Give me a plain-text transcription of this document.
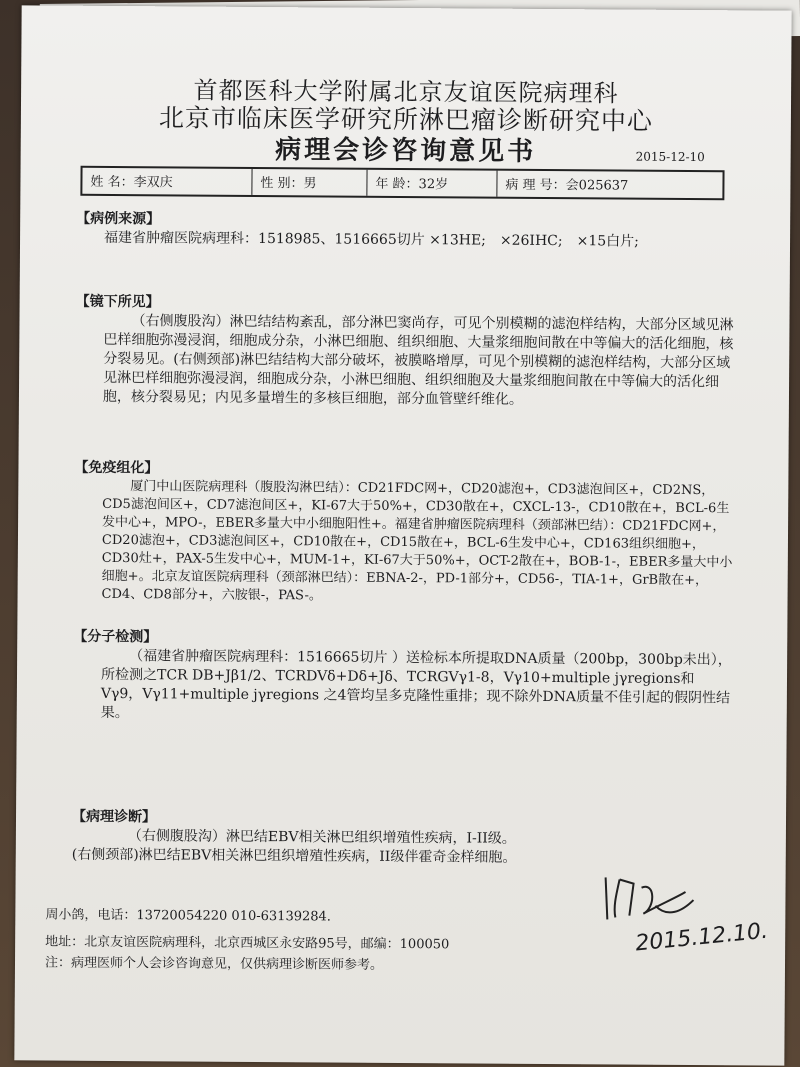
首都医科大学附属北京友谊医院病理科
北京市临床医学研究所淋巴瘤诊断研究中心
病理会诊咨询意见书	2015-12-10
姓 名：李双庆	性 别：男	年 龄：32岁	病 理 号：会025637
【病例来源】
福建省肿瘤医院病理科：1518985、1516665切片 ×13HE;　×26IHC;　×15白片;
【镜下所见】
（右侧腹股沟）淋巴结结构紊乱，部分淋巴窦尚存，可见个别模糊的滤泡样结构，大部分区域见淋巴样细胞弥漫浸润，细胞成分杂，小淋巴细胞、组织细胞、大量浆细胞间散在中等偏大的活化细胞，核分裂易见。(右侧颈部)淋巴结结构大部分破坏，被膜略增厚，可见个别模糊的滤泡样结构，大部分区域见淋巴样细胞弥漫浸润，细胞成分杂，小淋巴细胞、组织细胞及大量浆细胞间散在中等偏大的活化细胞，核分裂易见；内见多量增生的多核巨细胞，部分血管壁纤维化。
【免疫组化】
厦门中山医院病理科（腹股沟淋巴结）：CD21FDC网+，CD20滤泡+，CD3滤泡间区+，CD2NS，CD5滤泡间区+，CD7滤泡间区+，KI-67大于50%+，CD30散在+，CXCL-13-，CD10散在+，BCL-6生发中心+，MPO-，EBER多量大中小细胞阳性+。福建省肿瘤医院病理科（颈部淋巴结）：CD21FDC网+，CD20滤泡+，CD3滤泡间区+，CD10散在+，CD15散在+，BCL-6生发中心+，CD163组织细胞+，CD30灶+，PAX-5生发中心+，MUM-1+，KI-67大于50%+，OCT-2散在+，BOB-1-，EBER多量大中小细胞+。北京友谊医院病理科（颈部淋巴结）：EBNA-2-，PD-1部分+，CD56-，TIA-1+，GrB散在+，CD4、CD8部分+，六胺银-，PAS-。
【分子检测】
（福建省肿瘤医院病理科：1516665切片 ）送检标本所提取DNA质量（200bp，300bp未出），所检测之TCR DB+Jβ1/2、TCRDVδ+Dδ+Jδ、TCRGVγ1-8，Vγ10+multiple jγregions和Vγ9，Vγ11+multiple jγregions 之4管均呈多克隆性重排；现不除外DNA质量不佳引起的假阴性结果。
【病理诊断】
（右侧腹股沟）淋巴结EBV相关淋巴组织增殖性疾病，I-II级。
(右侧颈部)淋巴结EBV相关淋巴组织增殖性疾病，II级伴霍奇金样细胞。
周小鸽，电话：13720054220 010-63139284.
地址：北京友谊医院病理科，北京西城区永安路95号，邮编：100050
注：病理医师个人会诊咨询意见，仅供病理诊断医师参考。
2015.12.10.
